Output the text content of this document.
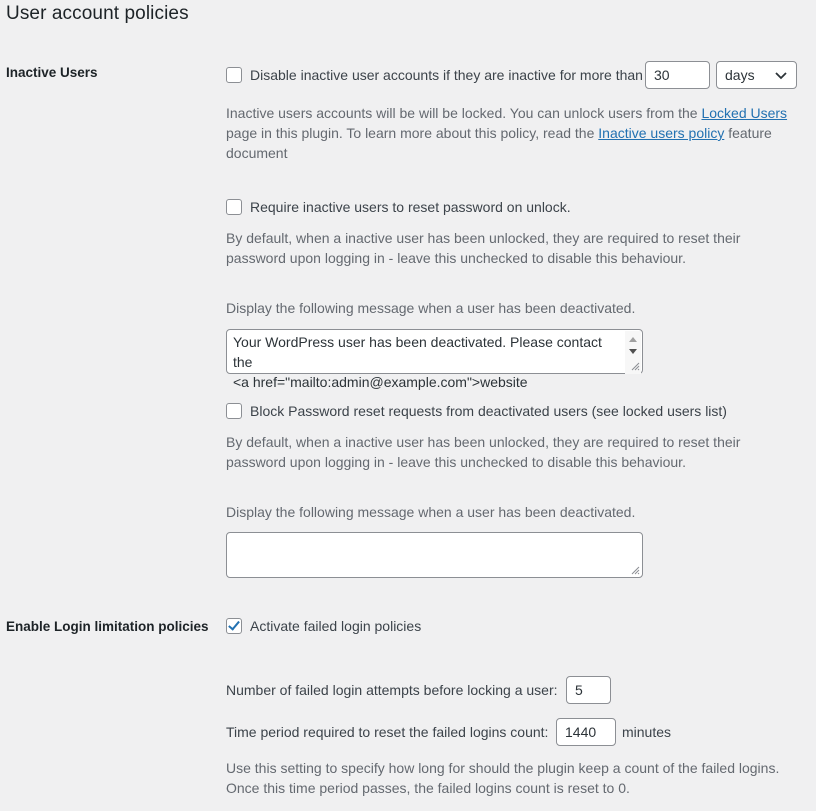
User account policies
Inactive Users	Disable inactive user accounts if they are inactive for more than 30	days
Inactive users accounts will be will be locked. You can unlock users from the Locked Users
page in this plugin. To learn more about this policy, read the Inactive users policy feature
document
Require inactive users to reset password on unlock.
By default, when a inactive user has been unlocked, they are required to reset their
password upon logging in - leave this unchecked to disable this behaviour.
Display the following message when a user has been deactivated.
Your WordPress user has been deactivated. Please contact the
<a href="mailto:admin@example.com">website
Block Password reset requests from deactivated users (see locked users list)
By default, when a inactive user has been unlocked, they are required to reset their
password upon logging in - leave this unchecked to disable this behaviour.
Display the following message when a user has been deactivated.
Enable Login limitation policies	Activate failed login policies
Number of failed login attempts before locking a user:	5
Time period required to reset the failed logins count:	1440	minutes
Use this setting to specify how long for should the plugin keep a count of the failed logins.
Once this time period passes, the failed logins count is reset to 0.
